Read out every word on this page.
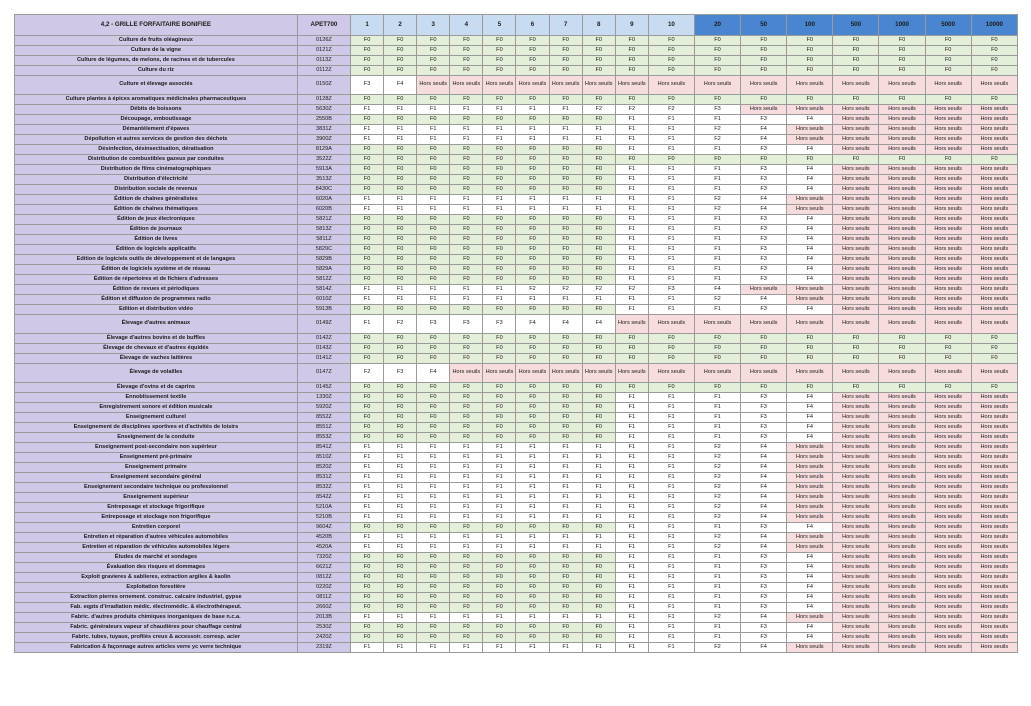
4,2 - GRILLE FORFAITAIRE BONIFIEE	APET700	1	2	3	4	5	6	7	8	9	10	20	50	100	500	1000	5000	10000
Culture de fruits oléagineux	0126Z	F0	F0	F0	F0	F0	F0	F0	F0	F0	F0	F0	F0	F0	F0	F0	F0	F0
Culture de la vigne	0121Z	F0	F0	F0	F0	F0	F0	F0	F0	F0	F0	F0	F0	F0	F0	F0	F0	F0
Culture de légumes, de melons, de racines et de tubercules	0113Z	F0	F0	F0	F0	F0	F0	F0	F0	F0	F0	F0	F0	F0	F0	F0	F0	F0
Culture du riz	0112Z	F0	F0	F0	F0	F0	F0	F0	F0	F0	F0	F0	F0	F0	F0	F0	F0	F0
Culture et élevage associés	0150Z	F3	F4	Hors seuils	Hors seuils	Hors seuils	Hors seuils	Hors seuils	Hors seuils	Hors seuils	Hors seuils	Hors seuils	Hors seuils	Hors seuils	Hors seuils	Hors seuils	Hors seuils	Hors seuils
Culture plantes à épices aromatiques médicinales pharmaceutiques	0128Z	F0	F0	F0	F0	F0	F0	F0	F0	F0	F0	F0	F0	F0	F0	F0	F0	F0
Débits de boissons	5630Z	F1	F1	F1	F1	F1	F1	F1	F2	F2	F2	F3	Hors seuils	Hors seuils	Hors seuils	Hors seuils	Hors seuils	Hors seuils
Découpage, emboutissage	2550B	F0	F0	F0	F0	F0	F0	F0	F0	F1	F1	F1	F3	F4	Hors seuils	Hors seuils	Hors seuils	Hors seuils
Démantèlement d'épaves	3831Z	F1	F1	F1	F1	F1	F1	F1	F1	F1	F1	F2	F4	Hors seuils	Hors seuils	Hors seuils	Hors seuils	Hors seuils
Dépollution et autres services de gestion des déchets	3900Z	F1	F1	F1	F1	F1	F1	F1	F1	F1	F1	F2	F4	Hors seuils	Hors seuils	Hors seuils	Hors seuils	Hors seuils
Désinfection, désinsectisation, dératisation	8129A	F0	F0	F0	F0	F0	F0	F0	F0	F1	F1	F1	F3	F4	Hors seuils	Hors seuils	Hors seuils	Hors seuils
Distribution de combustibles gazeux par conduites	3522Z	F0	F0	F0	F0	F0	F0	F0	F0	F0	F0	F0	F0	F0	F0	F0	F0	F0
Distribution de films cinématographiques	5913A	F0	F0	F0	F0	F0	F0	F0	F0	F1	F1	F1	F3	F4	Hors seuils	Hors seuils	Hors seuils	Hors seuils
Distribution d'électricité	3513Z	F0	F0	F0	F0	F0	F0	F0	F0	F1	F1	F1	F3	F4	Hors seuils	Hors seuils	Hors seuils	Hors seuils
Distribution sociale de revenus	8430C	F0	F0	F0	F0	F0	F0	F0	F0	F1	F1	F1	F3	F4	Hors seuils	Hors seuils	Hors seuils	Hors seuils
Édition de chaînes généralistes	6020A	F1	F1	F1	F1	F1	F1	F1	F1	F1	F1	F2	F4	Hors seuils	Hors seuils	Hors seuils	Hors seuils	Hors seuils
Édition de chaînes thématiques	6020B	F1	F1	F1	F1	F1	F1	F1	F1	F1	F1	F2	F4	Hors seuils	Hors seuils	Hors seuils	Hors seuils	Hors seuils
Édition de jeux électroniques	5821Z	F0	F0	F0	F0	F0	F0	F0	F0	F1	F1	F1	F3	F4	Hors seuils	Hors seuils	Hors seuils	Hors seuils
Édition de journaux	5813Z	F0	F0	F0	F0	F0	F0	F0	F0	F1	F1	F1	F3	F4	Hors seuils	Hors seuils	Hors seuils	Hors seuils
Édition de livres	5811Z	F0	F0	F0	F0	F0	F0	F0	F0	F1	F1	F1	F3	F4	Hors seuils	Hors seuils	Hors seuils	Hors seuils
Édition de logiciels applicatifs	5829C	F0	F0	F0	F0	F0	F0	F0	F0	F1	F1	F1	F3	F4	Hors seuils	Hors seuils	Hors seuils	Hors seuils
Edition de logiciels outils de développement et de langages	5829B	F0	F0	F0	F0	F0	F0	F0	F0	F1	F1	F1	F3	F4	Hors seuils	Hors seuils	Hors seuils	Hors seuils
Édition de logiciels système et de réseau	5829A	F0	F0	F0	F0	F0	F0	F0	F0	F1	F1	F1	F3	F4	Hors seuils	Hors seuils	Hors seuils	Hors seuils
Édition de répertoires et de fichiers d'adresses	5812Z	F0	F0	F0	F0	F0	F0	F0	F0	F1	F1	F1	F3	F4	Hors seuils	Hors seuils	Hors seuils	Hors seuils
Édition de revues et périodiques	5814Z	F1	F1	F1	F1	F1	F2	F2	F2	F2	F3	F4	Hors seuils	Hors seuils	Hors seuils	Hors seuils	Hors seuils	Hors seuils
Édition et diffusion de programmes radio	6010Z	F1	F1	F1	F1	F1	F1	F1	F1	F1	F1	F2	F4	Hors seuils	Hors seuils	Hors seuils	Hors seuils	Hors seuils
Edition et distribution vidéo	5913B	F0	F0	F0	F0	F0	F0	F0	F0	F1	F1	F1	F3	F4	Hors seuils	Hors seuils	Hors seuils	Hors seuils
Élevage d'autres animaux	0149Z	F1	F2	F3	F3	F3	F4	F4	F4	Hors seuils	Hors seuils	Hors seuils	Hors seuils	Hors seuils	Hors seuils	Hors seuils	Hors seuils	Hors seuils
Élevage d'autres bovins et de buffles	0142Z	F0	F0	F0	F0	F0	F0	F0	F0	F0	F0	F0	F0	F0	F0	F0	F0	F0
Élevage de chevaux et d'autres équidés	0143Z	F0	F0	F0	F0	F0	F0	F0	F0	F0	F0	F0	F0	F0	F0	F0	F0	F0
Élevage de vaches laitières	0141Z	F0	F0	F0	F0	F0	F0	F0	F0	F0	F0	F0	F0	F0	F0	F0	F0	F0
Élevage de volailles	0147Z	F2	F3	F4	Hors seuils	Hors seuils	Hors seuils	Hors seuils	Hors seuils	Hors seuils	Hors seuils	Hors seuils	Hors seuils	Hors seuils	Hors seuils	Hors seuils	Hors seuils	Hors seuils
Élevage d'ovins et de caprins	0145Z	F0	F0	F0	F0	F0	F0	F0	F0	F0	F0	F0	F0	F0	F0	F0	F0	F0
Ennoblissement textile	1330Z	F0	F0	F0	F0	F0	F0	F0	F0	F1	F1	F1	F3	F4	Hors seuils	Hors seuils	Hors seuils	Hors seuils
Enregistrement sonore et édition musicale	5920Z	F0	F0	F0	F0	F0	F0	F0	F0	F1	F1	F1	F3	F4	Hors seuils	Hors seuils	Hors seuils	Hors seuils
Enseignement culturel	8552Z	F0	F0	F0	F0	F0	F0	F0	F0	F1	F1	F1	F3	F4	Hors seuils	Hors seuils	Hors seuils	Hors seuils
Enseignement de disciplines sportives et d'activités de loisirs	8551Z	F0	F0	F0	F0	F0	F0	F0	F0	F1	F1	F1	F3	F4	Hors seuils	Hors seuils	Hors seuils	Hors seuils
Enseignement de la conduite	8553Z	F0	F0	F0	F0	F0	F0	F0	F0	F1	F1	F1	F3	F4	Hors seuils	Hors seuils	Hors seuils	Hors seuils
Enseignement post-secondaire non supérieur	8541Z	F1	F1	F1	F1	F1	F1	F1	F1	F1	F1	F2	F4	Hors seuils	Hors seuils	Hors seuils	Hors seuils	Hors seuils
Enseignement pré-primaire	8510Z	F1	F1	F1	F1	F1	F1	F1	F1	F1	F1	F2	F4	Hors seuils	Hors seuils	Hors seuils	Hors seuils	Hors seuils
Enseignement primaire	8520Z	F1	F1	F1	F1	F1	F1	F1	F1	F1	F1	F2	F4	Hors seuils	Hors seuils	Hors seuils	Hors seuils	Hors seuils
Enseignement secondaire général	8531Z	F1	F1	F1	F1	F1	F1	F1	F1	F1	F1	F2	F4	Hors seuils	Hors seuils	Hors seuils	Hors seuils	Hors seuils
Enseignement secondaire technique ou professionnel	8532Z	F1	F1	F1	F1	F1	F1	F1	F1	F1	F1	F2	F4	Hors seuils	Hors seuils	Hors seuils	Hors seuils	Hors seuils
Enseignement supérieur	8542Z	F1	F1	F1	F1	F1	F1	F1	F1	F1	F1	F2	F4	Hors seuils	Hors seuils	Hors seuils	Hors seuils	Hors seuils
Entreposage et stockage frigorifique	5210A	F1	F1	F1	F1	F1	F1	F1	F1	F1	F1	F2	F4	Hors seuils	Hors seuils	Hors seuils	Hors seuils	Hors seuils
Entreposage et stockage non frigorifique	5210B	F1	F1	F1	F1	F1	F1	F1	F1	F1	F1	F2	F4	Hors seuils	Hors seuils	Hors seuils	Hors seuils	Hors seuils
Entretien corporel	9604Z	F0	F0	F0	F0	F0	F0	F0	F0	F1	F1	F1	F3	F4	Hors seuils	Hors seuils	Hors seuils	Hors seuils
Entretien et réparation d'autres véhicules automobiles	4520B	F1	F1	F1	F1	F1	F1	F1	F1	F1	F1	F2	F4	Hors seuils	Hors seuils	Hors seuils	Hors seuils	Hors seuils
Entretien et réparation de véhicules automobiles légers	4520A	F1	F1	F1	F1	F1	F1	F1	F1	F1	F1	F2	F4	Hors seuils	Hors seuils	Hors seuils	Hors seuils	Hors seuils
Études de marché et sondages	7320Z	F0	F0	F0	F0	F0	F0	F0	F0	F1	F1	F1	F3	F4	Hors seuils	Hors seuils	Hors seuils	Hors seuils
Évaluation des risques et dommages	6621Z	F0	F0	F0	F0	F0	F0	F0	F0	F1	F1	F1	F3	F4	Hors seuils	Hors seuils	Hors seuils	Hors seuils
Exploit gravieres & sablieres, extraction argiles & kaolin	0812Z	F0	F0	F0	F0	F0	F0	F0	F0	F1	F1	F1	F3	F4	Hors seuils	Hors seuils	Hors seuils	Hors seuils
Exploitation forestière	0220Z	F0	F0	F0	F0	F0	F0	F0	F0	F1	F1	F1	F3	F4	Hors seuils	Hors seuils	Hors seuils	Hors seuils
Extraction pierres ornement. construc. calcaire industriel, gypse	0811Z	F0	F0	F0	F0	F0	F0	F0	F0	F1	F1	F1	F3	F4	Hors seuils	Hors seuils	Hors seuils	Hors seuils
Fab. eqpts d'irradiation médic. électromédic. & électrothérapeut.	2660Z	F0	F0	F0	F0	F0	F0	F0	F0	F1	F1	F1	F3	F4	Hors seuils	Hors seuils	Hors seuils	Hors seuils
Fabric. d'autres produits chimiques inorganiques de base n.c.a.	2013B	F1	F1	F1	F1	F1	F1	F1	F1	F1	F1	F2	F4	Hors seuils	Hors seuils	Hors seuils	Hors seuils	Hors seuils
Fabric. générateurs vapeur sf chaudières pour chauffage central	2530Z	F0	F0	F0	F0	F0	F0	F0	F0	F1	F1	F1	F3	F4	Hors seuils	Hors seuils	Hors seuils	Hors seuils
Fabric. tubes, tuyaux, profilés creux & accessoir. corresp. acier	2420Z	F0	F0	F0	F0	F0	F0	F0	F0	F1	F1	F1	F3	F4	Hors seuils	Hors seuils	Hors seuils	Hors seuils
Fabrication & façonnage autres articles verre yc verre technique	2319Z	F1	F1	F1	F1	F1	F1	F1	F1	F1	F1	F2	F4	Hors seuils	Hors seuils	Hors seuils	Hors seuils	Hors seuils
